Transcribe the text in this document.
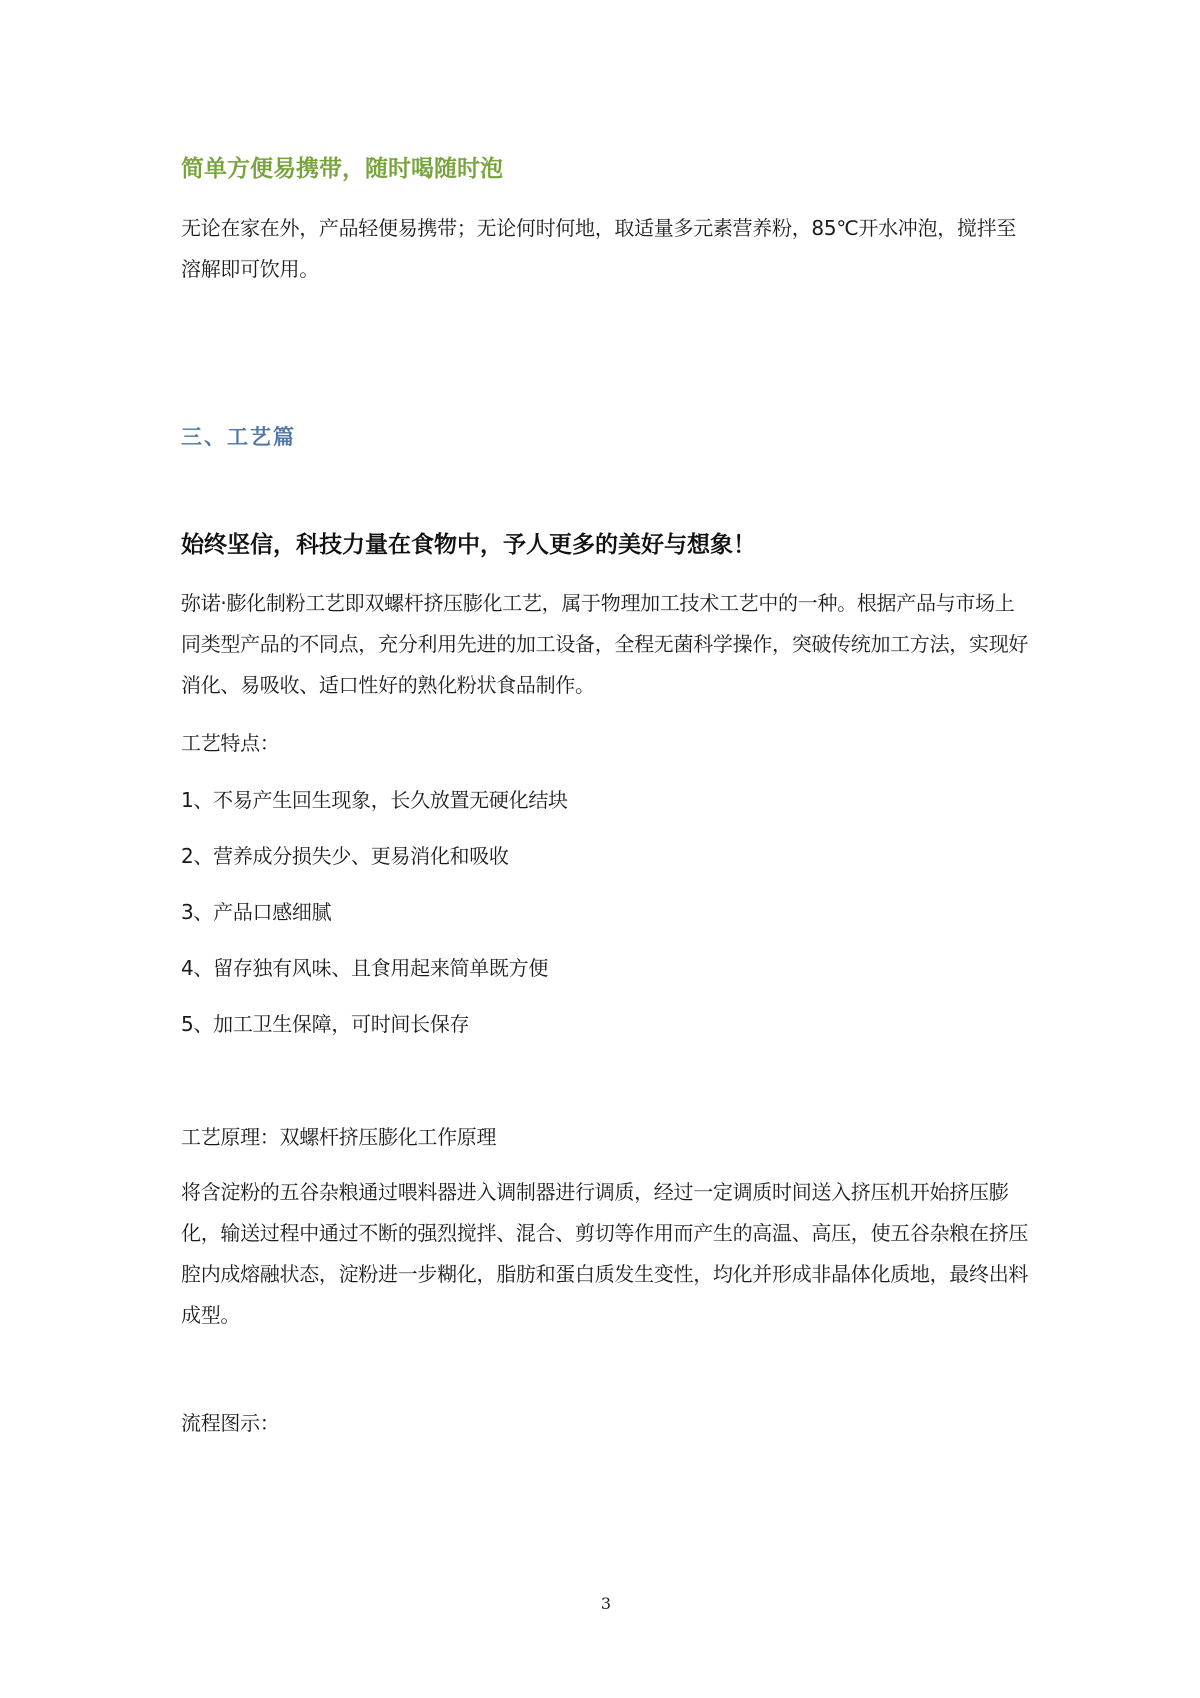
简单方便易携带，随时喝随时泡

无论在家在外，产品轻便易携带；无论何时何地，取适量多元素营养粉，85℃开水冲泡，搅拌至溶解即可饮用。

三、工艺篇
始终坚信，科技力量在食物中，予人更多的美好与想象！

弥诺·膨化制粉工艺即双螺杆挤压膨化工艺，属于物理加工技术工艺中的一种。根据产品与市场上同类型产品的不同点，充分利用先进的加工设备，全程无菌科学操作，突破传统加工方法，实现好消化、易吸收、适口性好的熟化粉状食品制作。

工艺特点：

1、不易产生回生现象，长久放置无硬化结块

2、营养成分损失少、更易消化和吸收

3、产品口感细腻

4、留存独有风味、且食用起来简单既方便

5、加工卫生保障，可时间长保存

工艺原理：双螺杆挤压膨化工作原理

将含淀粉的五谷杂粮通过喂料器进入调制器进行调质，经过一定调质时间送入挤压机开始挤压膨化，输送过程中通过不断的强烈搅拌、混合、剪切等作用而产生的高温、高压，使五谷杂粮在挤压腔内成熔融状态，淀粉进一步糊化，脂肪和蛋白质发生变性，均化并形成非晶体化质地，最终出料成型。

流程图示：

3
